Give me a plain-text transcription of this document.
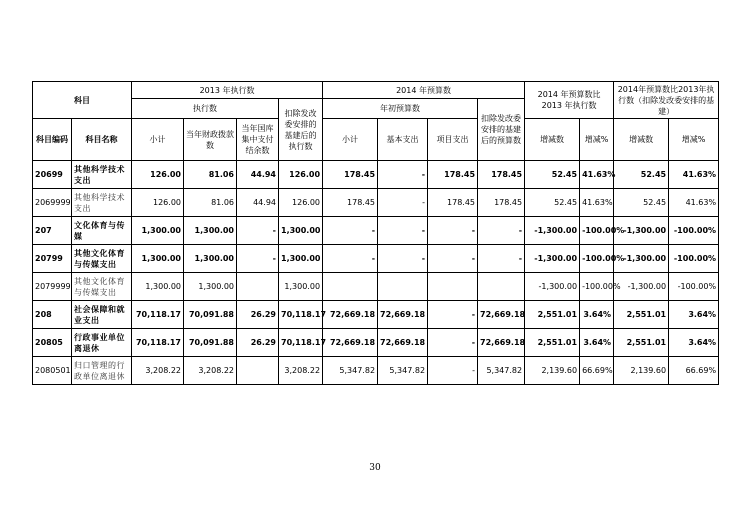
科目		2013 年执行数				2014 年预算数				2014 年预算数比 2013 年执行数		2014年预算数比2013年执行数（扣除发改委安排的基建）	
		执行数			扣除发改委安排的基建后的执行数	年初预算数			扣除发改委安排的基建后的预算数				
科目编码	科目名称	小计	当年财政拨款数	当年国库集中支付结余数		小计	基本支出	项目支出		增减数	增减%	增减数	增减%
20699	其他科学技术支出	126.00	81.06	44.94	126.00	178.45	-	178.45	178.45	52.45	41.63%	52.45	41.63%
2069999	其他科学技术支出	126.00	81.06	44.94	126.00	178.45	-	178.45	178.45	52.45	41.63%	52.45	41.63%
207	文化体育与传媒	1,300.00	1,300.00	-	1,300.00	-	-	-	-	-1,300.00	-100.00%	-1,300.00	-100.00%
20799	其他文化体育与传媒支出	1,300.00	1,300.00	-	1,300.00	-	-	-	-	-1,300.00	-100.00%	-1,300.00	-100.00%
2079999	其他文化体育与传媒支出	1,300.00	1,300.00		1,300.00					-1,300.00	-100.00%	-1,300.00	-100.00%
208	社会保障和就业支出	70,118.17	70,091.88	26.29	70,118.17	72,669.18	72,669.18	-	72,669.18	2,551.01	3.64%	2,551.01	3.64%
20805	行政事业单位离退休	70,118.17	70,091.88	26.29	70,118.17	72,669.18	72,669.18	-	72,669.18	2,551.01	3.64%	2,551.01	3.64%
2080501	归口管理的行政单位离退休	3,208.22	3,208.22		3,208.22	5,347.82	5,347.82	-	5,347.82	2,139.60	66.69%	2,139.60	66.69%
30
